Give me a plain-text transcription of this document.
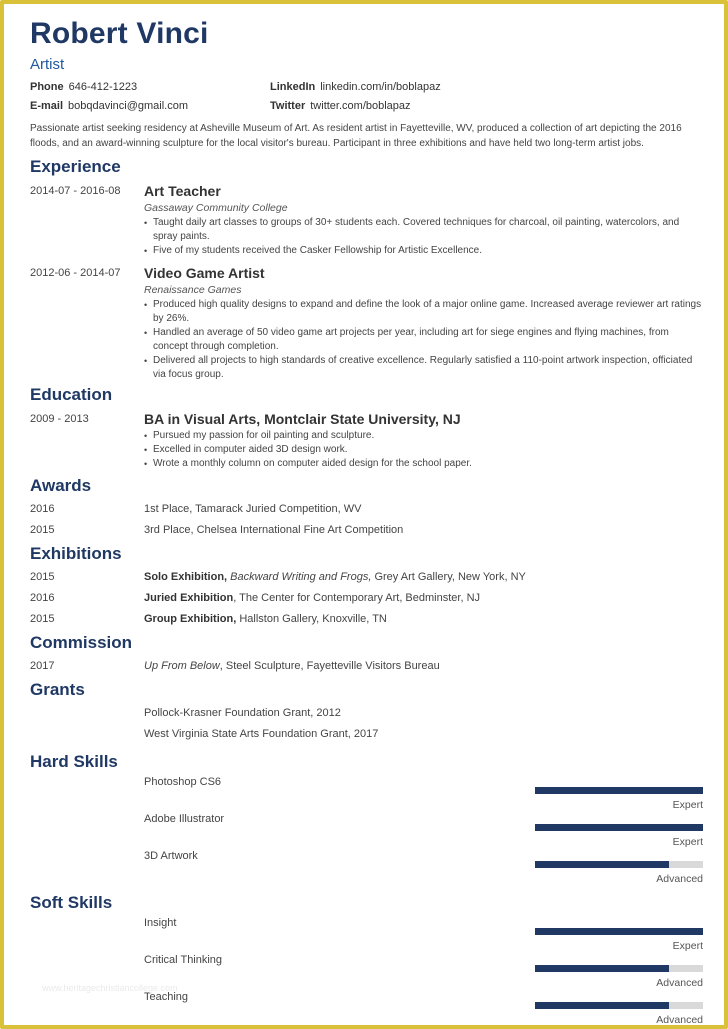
Robert Vinci
Artist
Phone 646-412-1223	LinkedIn linkedin.com/in/boblapaz
E-mail bobqdavinci@gmail.com	Twitter twitter.com/boblapaz

Passionate artist seeking residency at Asheville Museum of Art. As resident artist in Fayetteville, WV, produced a collection of art depicting the 2016 floods, and an award-winning sculpture for the local visitor's bureau. Participant in three exhibitions and have held two long-term artist jobs.

Experience
2014-07 - 2016-08	Art Teacher
Gassaway Community College
• Taught daily art classes to groups of 30+ students each. Covered techniques for charcoal, oil painting, watercolors, and spray paints.
• Five of my students received the Casker Fellowship for Artistic Excellence.
2012-06 - 2014-07	Video Game Artist
Renaissance Games
• Produced high quality designs to expand and define the look of a major online game. Increased average reviewer art ratings by 26%.
• Handled an average of 50 video game art projects per year, including art for siege engines and flying machines, from concept through completion.
• Delivered all projects to high standards of creative excellence. Regularly satisfied a 110-point artwork inspection, officiated via focus group.
Education
2009 - 2013	BA in Visual Arts, Montclair State University, NJ
• Pursued my passion for oil painting and sculpture.
• Excelled in computer aided 3D design work.
• Wrote a monthly column on computer aided design for the school paper.
Awards
2016	1st Place, Tamarack Juried Competition, WV
2015	3rd Place, Chelsea International Fine Art Competition
Exhibitions
2015	Solo Exhibition, Backward Writing and Frogs, Grey Art Gallery, New York, NY
2016	Juried Exhibition, The Center for Contemporary Art, Bedminster, NJ
2015	Group Exhibition, Hallston Gallery, Knoxville, TN
Commission
2017	Up From Below, Steel Sculpture, Fayetteville Visitors Bureau
Grants
Pollock-Krasner Foundation Grant, 2012
West Virginia State Arts Foundation Grant, 2017
Hard Skills
Photoshop CS6
Expert
Adobe Illustrator
Expert
3D Artwork
Advanced
Soft Skills
Insight
Expert
Critical Thinking
Advanced
Teaching
Advanced
www.heritagechristiancollege.com
